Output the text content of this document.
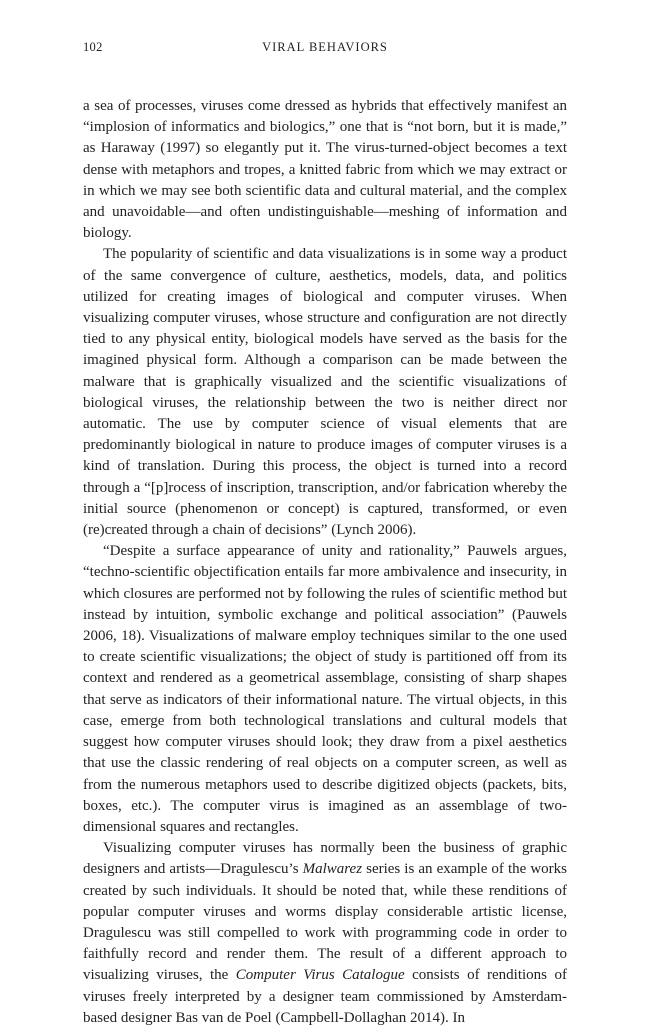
102	VIRAL BEHAVIORS

a sea of processes, viruses come dressed as hybrids that effectively manifest an “implosion of informatics and biologics,” one that is “not born, but it is made,” as Haraway (1997) so elegantly put it. The virus-turned-object becomes a text dense with metaphors and tropes, a knitted fabric from which we may extract or in which we may see both scientific data and cultural material, and the complex and unavoidable—and often undistinguishable—meshing of information and biology.

The popularity of scientific and data visualizations is in some way a product of the same convergence of culture, aesthetics, models, data, and politics utilized for creating images of biological and computer viruses. When visualizing computer viruses, whose structure and configuration are not directly tied to any physical entity, biological models have served as the basis for the imagined physical form. Although a comparison can be made between the malware that is graphically visualized and the scientific visualizations of biological viruses, the relationship between the two is neither direct nor automatic. The use by computer science of visual elements that are predominantly biological in nature to produce images of computer viruses is a kind of translation. During this process, the object is turned into a record through a “[p]rocess of inscription, transcription, and/or fabrication whereby the initial source (phenomenon or concept) is captured, transformed, or even (re)created through a chain of decisions” (Lynch 2006).

“Despite a surface appearance of unity and rationality,” Pauwels argues, “techno-scientific objectification entails far more ambivalence and insecurity, in which closures are performed not by following the rules of scientific method but instead by intuition, symbolic exchange and political association” (Pauwels 2006, 18). Visualizations of malware employ techniques similar to the one used to create scientific visualizations; the object of study is partitioned off from its context and rendered as a geometrical assemblage, consisting of sharp shapes that serve as indicators of their informational nature. The virtual objects, in this case, emerge from both technological translations and cultural models that suggest how computer viruses should look; they draw from a pixel aesthetics that use the classic rendering of real objects on a computer screen, as well as from the numerous metaphors used to describe digitized objects (packets, bits, boxes, etc.). The computer virus is imagined as an assemblage of two-dimensional squares and rectangles.

Visualizing computer viruses has normally been the business of graphic designers and artists—Dragulescu’s Malwarez series is an example of the works created by such individuals. It should be noted that, while these renditions of popular computer viruses and worms display considerable artistic license, Dragulescu was still compelled to work with programming code in order to faithfully record and render them. The result of a different approach to visualizing viruses, the Computer Virus Catalogue consists of renditions of viruses freely interpreted by a designer team commissioned by Amsterdam-based designer Bas van de Poel (Campbell-Dollaghan 2014). In
